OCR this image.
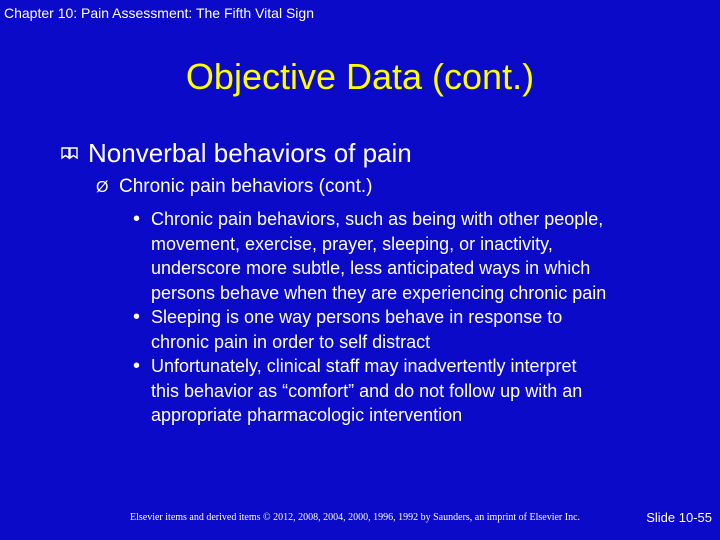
Chapter 10: Pain Assessment: The Fifth Vital Sign
Objective Data (cont.)
Nonverbal behaviors of pain
Ø Chronic pain behaviors (cont.)
• Chronic pain behaviors, such as being with other people,
movement, exercise, prayer, sleeping, or inactivity,
underscore more subtle, less anticipated ways in which
persons behave when they are experiencing chronic pain
• Sleeping is one way persons behave in response to
chronic pain in order to self distract
• Unfortunately, clinical staff may inadvertently interpret
this behavior as “comfort” and do not follow up with an
appropriate pharmacologic intervention
Elsevier items and derived items © 2012, 2008, 2004, 2000, 1996, 1992 by Saunders, an imprint of Elsevier Inc.	Slide 10-55
